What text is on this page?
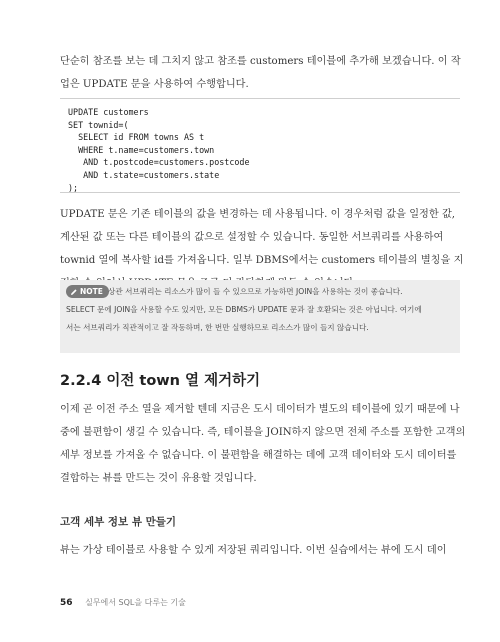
단순히 참조를 보는 데 그치지 않고 참조를 customers 테이블에 추가해 보겠습니다. 이 작
업은 UPDATE 문을 사용하여 수행합니다.
UPDATE customers
SET townid=(
SELECT id FROM towns AS t
WHERE t.name=customers.town
AND t.postcode=customers.postcode
AND t.state=customers.state
);
UPDATE 문은 기존 테이블의 값을 변경하는 데 사용됩니다. 이 경우처럼 값을 일정한 값,
계산된 값 또는 다른 테이블의 값으로 설정할 수 있습니다. 동일한 서브쿼리를 사용하여
townid 열에 복사할 id를 가져옵니다. 일부 DBMS에서는 customers 테이블의 별칭을 지
NOTE 상관 서브쿼리는 리소스가 많이 들 수 있으므로 가능하면 JOIN을 사용하는 것이 좋습니다.
SELECT 문에 JOIN을 사용할 수도 있지만, 모든 DBMS가 UPDATE 문과 잘 호환되는 것은 아닙니다. 여기에
서는 서브쿼리가 직관적이고 잘 작동하며, 한 번만 실행하므로 리소스가 많이 들지 않습니다.
2.2.4 이전 town 열 제거하기
이제 곧 이전 주소 열을 제거할 텐데 지금은 도시 데이터가 별도의 테이블에 있기 때문에 나
중에 불편함이 생길 수 있습니다. 즉, 테이블을 JOIN하지 않으면 전체 주소를 포함한 고객의
세부 정보를 가져올 수 없습니다. 이 불편함을 해결하는 데에 고객 데이터와 도시 데이터를
결합하는 뷰를 만드는 것이 유용할 것입니다.
고객 세부 정보 뷰 만들기
뷰는 가상 테이블로 사용할 수 있게 저장된 쿼리입니다. 이번 실습에서는 뷰에 도시 데이
56 실무에서 SQL을 다루는 기술
